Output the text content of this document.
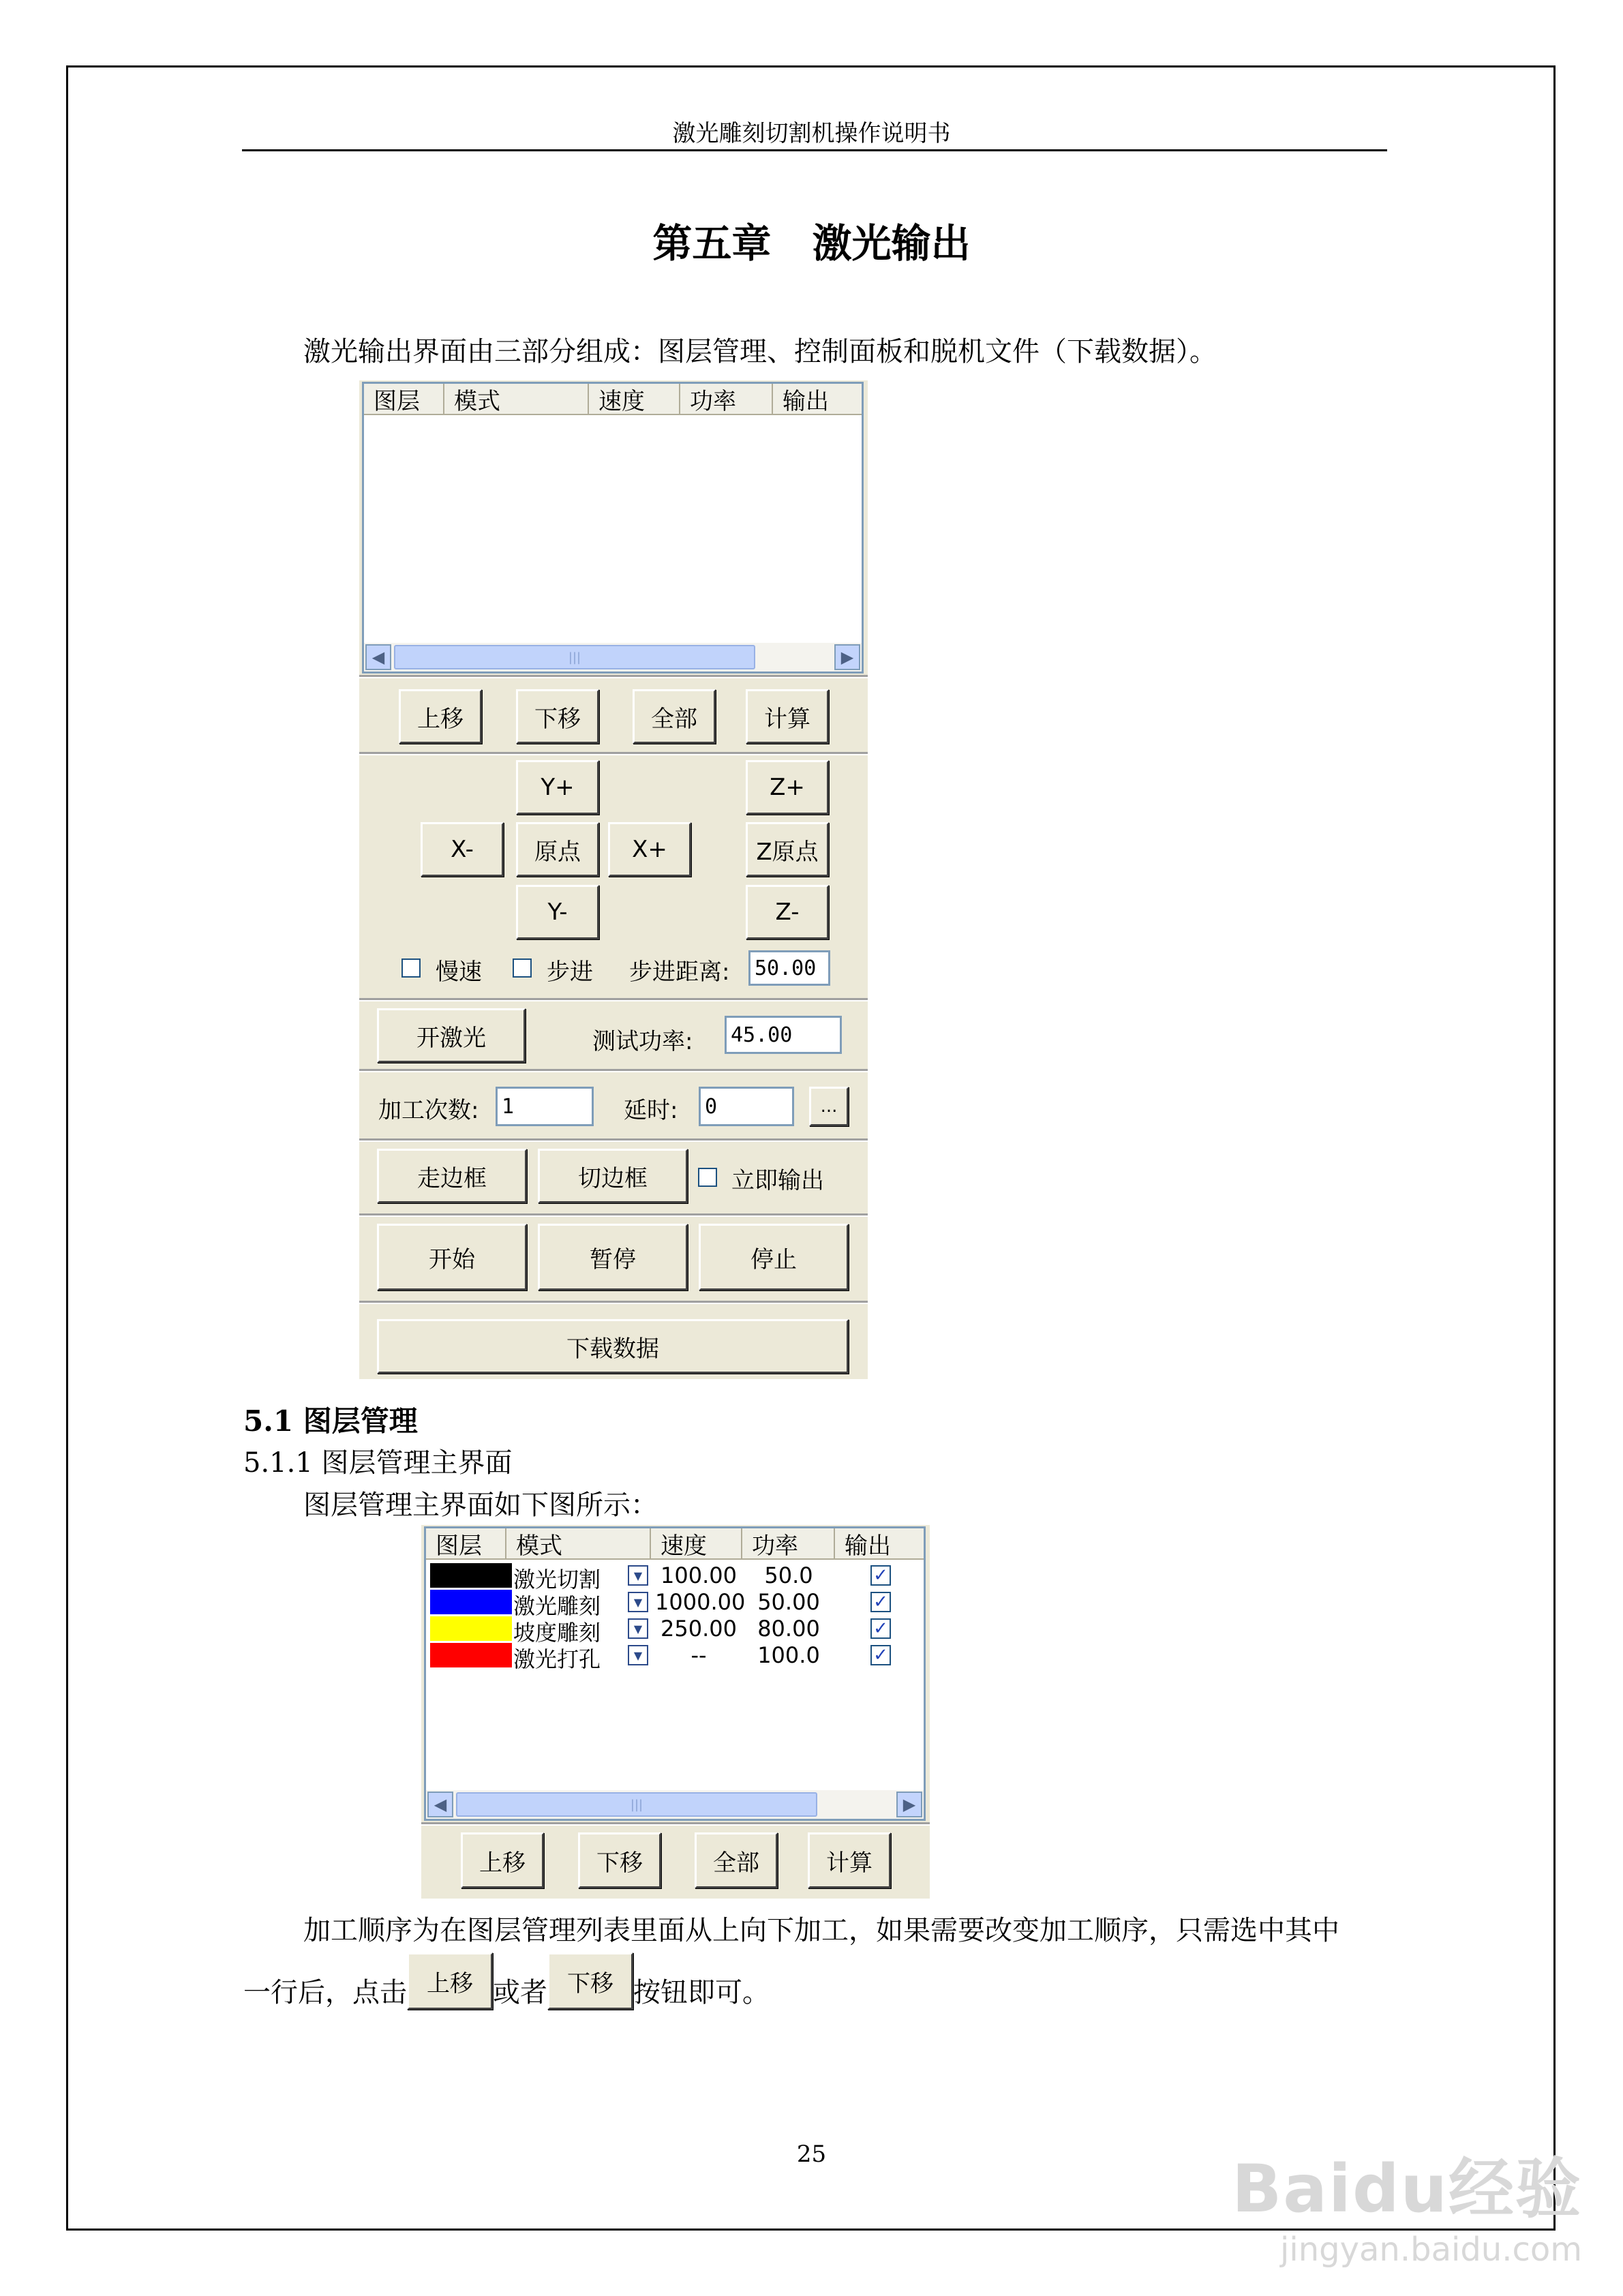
激光雕刻切割机操作说明书
第五章 激光输出
激光输出界面由三部分组成：图层管理、控制面板和脱机文件（下载数据）。
图层	模式	速度	功率	输出
◀	|||	▶
上移	下移	全部	计算
Y+	Z+
X-	原点	X+	Z原点
Y-	Z-
慢速	步进 步进距离:	50.00
开激光	测试功率:	45.00
加工次数:	1	延时:	0	...
走边框	切边框	立即输出
开始	暂停	停止
下载数据
5.1 图层管理
5.1.1 图层管理主界面
图层管理主界面如下图所示：
图层	模式	速度	功率	输出
激光切割	▼ 100.00	50.0	✓
激光雕刻	▼ 1000.00 50.00	✓
坡度雕刻	▼ 250.00 80.00	✓
激光打孔	▼	--	100.0	✓
◀	|||	▶
上移	下移	全部	计算
加工顺序为在图层管理列表里面从上向下加工，如果需要改变加工顺序，只需选中其中
一行后，点击 上移 或者 下移 按钮即可。
25	Baidu经验
jingyan.baidu.com
